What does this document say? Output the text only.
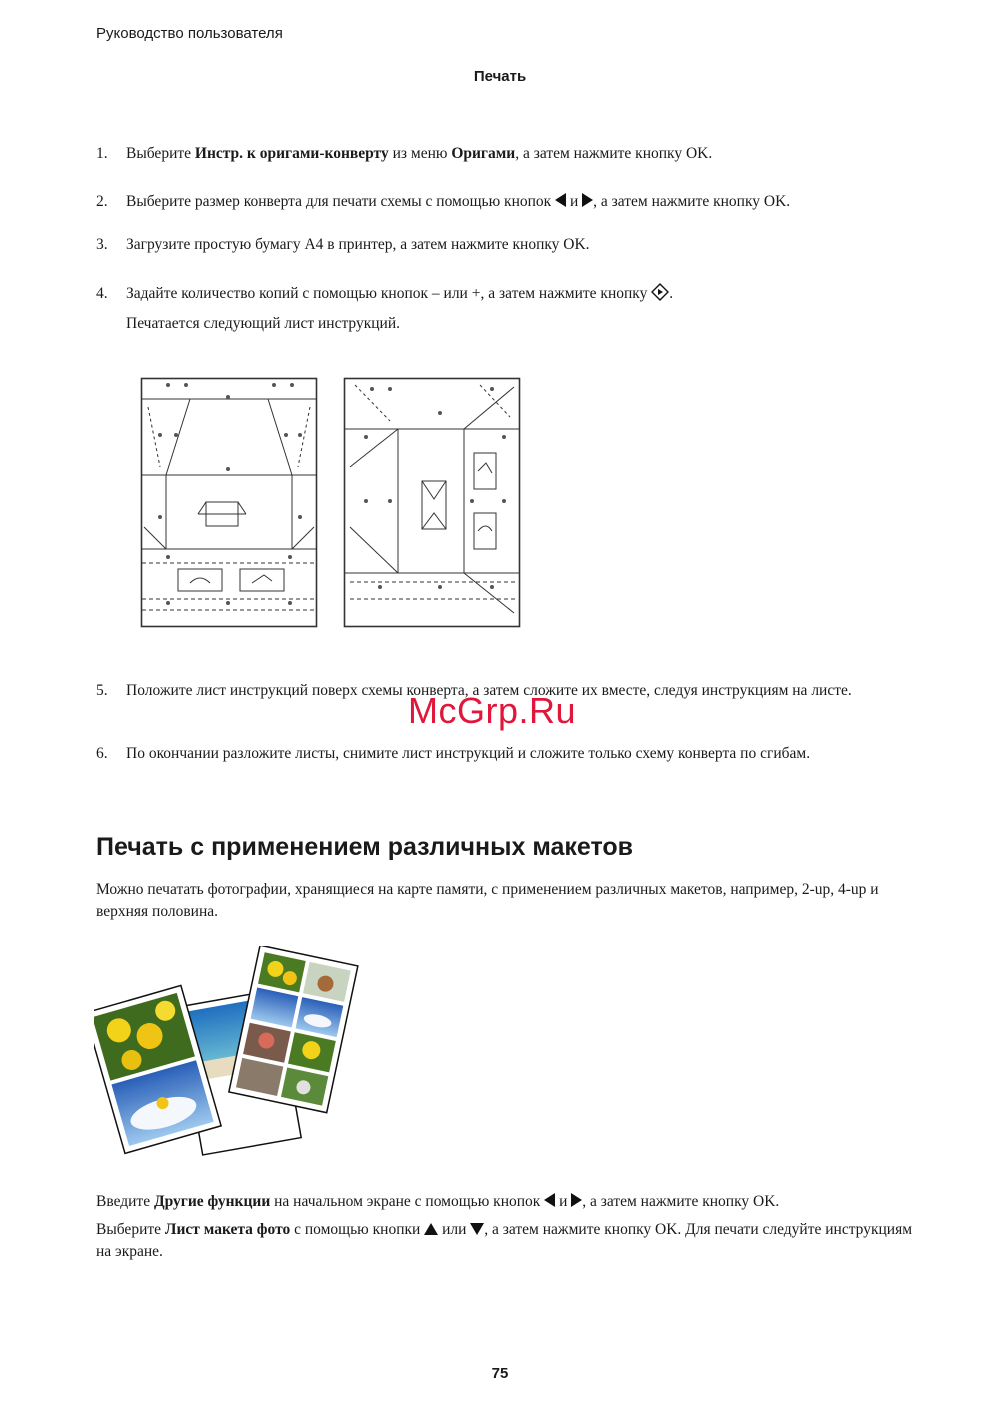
Руководство пользователя
Печать
1. Выберите Инстр. к оригами-конверту из меню Оригами, а затем нажмите кнопку OK.
2. Выберите размер конверта для печати схемы с помощью кнопок  и , а затем нажмите кнопку OK.
3. Загрузите простую бумагу A4 в принтер, а затем нажмите кнопку OK.
4. Задайте количество копий с помощью кнопок – или +, а затем нажмите кнопку .
Печатается следующий лист инструкций.
5. Положите лист инструкций поверх схемы конверта, а затем сложите их вместе, следуя инструкциям на листе.
McGrp.Ru
6. По окончании разложите листы, снимите лист инструкций и сложите только схему конверта по сгибам.
Печать с применением различных макетов
Можно печатать фотографии, хранящиеся на карте памяти, с применением различных макетов, например, 2-up, 4-up и верхняя половина.
Введите Другие функции на начальном экране с помощью кнопок  и , а затем нажмите кнопку OK.
Выберите Лист макета фото с помощью кнопки  или , а затем нажмите кнопку OK. Для печати следуйте инструкциям на экране.
75
